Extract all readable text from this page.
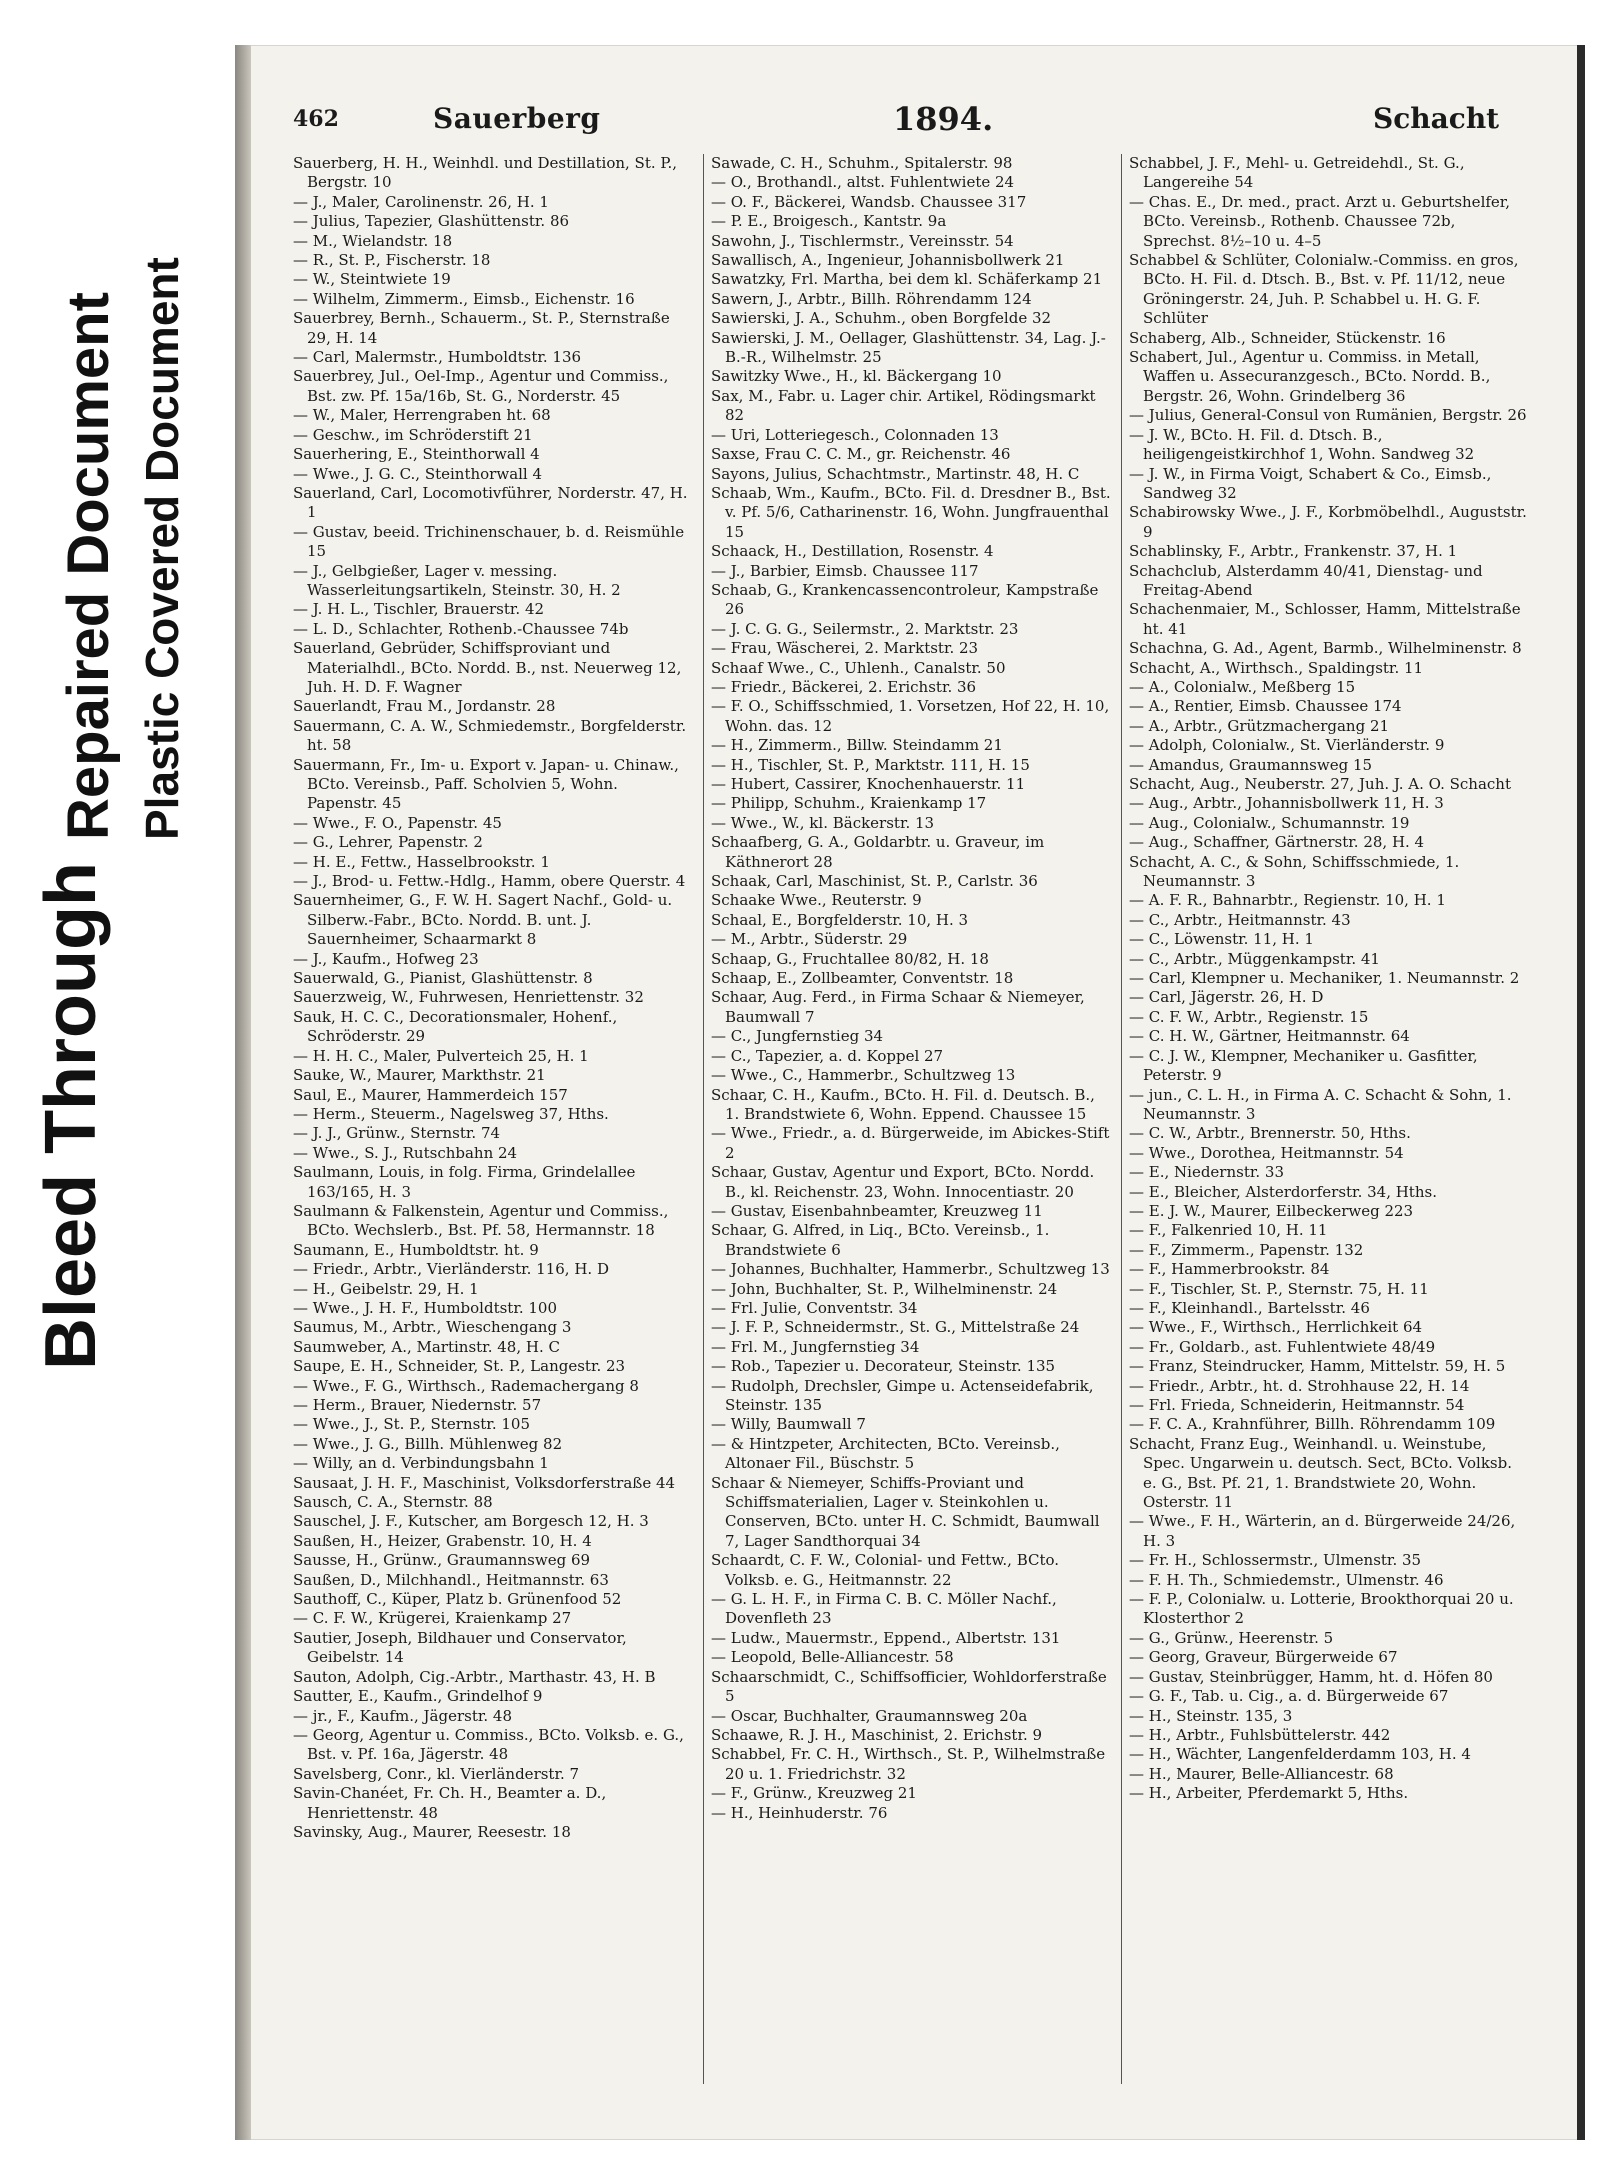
Repaired Document Plastic Covered Document
Bleed Through
462	Sauerberg	1894.	Schacht

Sauerberg, H. H., Weinhdl. und Destillation, St. P., Bergstr. 10

— J., Maler, Carolinenstr. 26, H. 1

— Julius, Tapezier, Glashüttenstr. 86

— M., Wielandstr. 18

— R., St. P., Fischerstr. 18

— W., Steintwiete 19

— Wilhelm, Zimmerm., Eimsb., Eichenstr. 16

Sauerbrey, Bernh., Schauerm., St. P., Sternstraße 29, H. 14

— Carl, Malermstr., Humboldtstr. 136

Sauerbrey, Jul., Oel-Imp., Agentur und Commiss., Bst. zw. Pf. 15a/16b, St. G., Norderstr. 45

— W., Maler, Herrengraben ht. 68

— Geschw., im Schröderstift 21

Sauerhering, E., Steinthorwall 4

— Wwe., J. G. C., Steinthorwall 4

Sauerland, Carl, Locomotivführer, Norderstr. 47, H. 1

— Gustav, beeid. Trichinenschauer, b. d. Reismühle 15

— J., Gelbgießer, Lager v. messing. Wasserleitungsartikeln, Steinstr. 30, H. 2

— J. H. L., Tischler, Brauerstr. 42

— L. D., Schlachter, Rothenb.-Chaussee 74b

Sauerland, Gebrüder, Schiffsproviant und Materialhdl., BCto. Nordd. B., nst. Neuerweg 12, Juh. H. D. F. Wagner

Sauerlandt, Frau M., Jordanstr. 28

Sauermann, C. A. W., Schmiedemstr., Borgfelderstr. ht. 58

Sauermann, Fr., Im- u. Export v. Japan- u. Chinaw., BCto. Vereinsb., Paff. Scholvien 5, Wohn. Papenstr. 45

— Wwe., F. O., Papenstr. 45

— G., Lehrer, Papenstr. 2

— H. E., Fettw., Hasselbrookstr. 1

— J., Brod- u. Fettw.-Hdlg., Hamm, obere Querstr. 4

Sauernheimer, G., F. W. H. Sagert Nachf., Gold- u. Silberw.-Fabr., BCto. Nordd. B. unt. J. Sauernheimer, Schaarmarkt 8

— J., Kaufm., Hofweg 23

Sauerwald, G., Pianist, Glashüttenstr. 8

Sauerzweig, W., Fuhrwesen, Henriettenstr. 32

Sauk, H. C. C., Decorationsmaler, Hohenf., Schröderstr. 29

— H. H. C., Maler, Pulverteich 25, H. 1

Sauke, W., Maurer, Markthstr. 21

Saul, E., Maurer, Hammerdeich 157

— Herm., Steuerm., Nagelsweg 37, Hths.

— J. J., Grünw., Sternstr. 74

— Wwe., S. J., Rutschbahn 24

Saulmann, Louis, in folg. Firma, Grindelallee 163/165, H. 3

Saulmann & Falkenstein, Agentur und Commiss., BCto. Wechslerb., Bst. Pf. 58, Hermannstr. 18

Saumann, E., Humboldtstr. ht. 9

— Friedr., Arbtr., Vierländerstr. 116, H. D

— H., Geibelstr. 29, H. 1

— Wwe., J. H. F., Humboldtstr. 100

Saumus, M., Arbtr., Wieschengang 3

Saumweber, A., Martinstr. 48, H. C

Saupe, E. H., Schneider, St. P., Langestr. 23

— Wwe., F. G., Wirthsch., Rademachergang 8

— Herm., Brauer, Niedernstr. 57

— Wwe., J., St. P., Sternstr. 105

— Wwe., J. G., Billh. Mühlenweg 82

— Willy, an d. Verbindungsbahn 1

Sausaat, J. H. F., Maschinist, Volksdorferstraße 44

Sausch, C. A., Sternstr. 88

Sauschel, J. F., Kutscher, am Borgesch 12, H. 3

Saußen, H., Heizer, Grabenstr. 10, H. 4

Sausse, H., Grünw., Graumannsweg 69

Saußen, D., Milchhandl., Heitmannstr. 63

Sauthoff, C., Küper, Platz b. Grünenfood 52

— C. F. W., Krügerei, Kraienkamp 27

Sautier, Joseph, Bildhauer und Conservator, Geibelstr. 14

Sauton, Adolph, Cig.-Arbtr., Marthastr. 43, H. B

Sautter, E., Kaufm., Grindelhof 9

— jr., F., Kaufm., Jägerstr. 48

— Georg, Agentur u. Commiss., BCto. Volksb. e. G., Bst. v. Pf. 16a, Jägerstr. 48

Savelsberg, Conr., kl. Vierländerstr. 7

Savin-Chanéet, Fr. Ch. H., Beamter a. D., Henriettenstr. 48

Savinsky, Aug., Maurer, Reesestr. 18

Sawade, C. H., Schuhm., Spitalerstr. 98

— O., Brothandl., altst. Fuhlentwiete 24

— O. F., Bäckerei, Wandsb. Chaussee 317

— P. E., Broigesch., Kantstr. 9a

Sawohn, J., Tischlermstr., Vereinsstr. 54

Sawallisch, A., Ingenieur, Johannisbollwerk 21

Sawatzky, Frl. Martha, bei dem kl. Schäferkamp 21

Sawern, J., Arbtr., Billh. Röhrendamm 124

Sawierski, J. A., Schuhm., oben Borgfelde 32

Sawierski, J. M., Oellager, Glashüttenstr. 34, Lag. J.-B.-R., Wilhelmstr. 25

Sawitzky Wwe., H., kl. Bäckergang 10

Sax, M., Fabr. u. Lager chir. Artikel, Rödingsmarkt 82

— Uri, Lotteriegesch., Colonnaden 13

Saxse, Frau C. C. M., gr. Reichenstr. 46

Sayons, Julius, Schachtmstr., Martinstr. 48, H. C

Schaab, Wm., Kaufm., BCto. Fil. d. Dresdner B., Bst. v. Pf. 5/6, Catharinenstr. 16, Wohn. Jungfrauenthal 15

Schaack, H., Destillation, Rosenstr. 4

— J., Barbier, Eimsb. Chaussee 117

Schaab, G., Krankencassencontroleur, Kampstraße 26

— J. C. G. G., Seilermstr., 2. Marktstr. 23

— Frau, Wäscherei, 2. Marktstr. 23

Schaaf Wwe., C., Uhlenh., Canalstr. 50

— Friedr., Bäckerei, 2. Erichstr. 36

— F. O., Schiffsschmied, 1. Vorsetzen, Hof 22, H. 10, Wohn. das. 12

— H., Zimmerm., Billw. Steindamm 21

— H., Tischler, St. P., Marktstr. 111, H. 15

— Hubert, Cassirer, Knochenhauerstr. 11

— Philipp, Schuhm., Kraienkamp 17

— Wwe., W., kl. Bäckerstr. 13

Schaafberg, G. A., Goldarbtr. u. Graveur, im Käthnerort 28

Schaak, Carl, Maschinist, St. P., Carlstr. 36

Schaake Wwe., Reuterstr. 9

Schaal, E., Borgfelderstr. 10, H. 3

— M., Arbtr., Süderstr. 29

Schaap, G., Fruchtallee 80/82, H. 18

Schaap, E., Zollbeamter, Conventstr. 18

Schaar, Aug. Ferd., in Firma Schaar & Niemeyer, Baumwall 7

— C., Jungfernstieg 34

— C., Tapezier, a. d. Koppel 27

— Wwe., C., Hammerbr., Schultzweg 13

Schaar, C. H., Kaufm., BCto. H. Fil. d. Deutsch. B., 1. Brandstwiete 6, Wohn. Eppend. Chaussee 15

— Wwe., Friedr., a. d. Bürgerweide, im Abickes-Stift 2

Schaar, Gustav, Agentur und Export, BCto. Nordd. B., kl. Reichenstr. 23, Wohn. Innocentiastr. 20

— Gustav, Eisenbahnbeamter, Kreuzweg 11

Schaar, G. Alfred, in Liq., BCto. Vereinsb., 1. Brandstwiete 6

— Johannes, Buchhalter, Hammerbr., Schultzweg 13

— John, Buchhalter, St. P., Wilhelminenstr. 24

— Frl. Julie, Conventstr. 34

— J. F. P., Schneidermstr., St. G., Mittelstraße 24

— Frl. M., Jungfernstieg 34

— Rob., Tapezier u. Decorateur, Steinstr. 135

— Rudolph, Drechsler, Gimpe u. Actenseidefabrik, Steinstr. 135

— Willy, Baumwall 7

— & Hintzpeter, Architecten, BCto. Vereinsb., Altonaer Fil., Büschstr. 5

Schaar & Niemeyer, Schiffs-Proviant und Schiffsmaterialien, Lager v. Steinkohlen u. Conserven, BCto. unter H. C. Schmidt, Baumwall 7, Lager Sandthorquai 34

Schaardt, C. F. W., Colonial- und Fettw., BCto. Volksb. e. G., Heitmannstr. 22

— G. L. H. F., in Firma C. B. C. Möller Nachf., Dovenfleth 23

— Ludw., Mauermstr., Eppend., Albertstr. 131

— Leopold, Belle-Alliancestr. 58

Schaarschmidt, C., Schiffsofficier, Wohldorferstraße 5

— Oscar, Buchhalter, Graumannsweg 20a

Schaawe, R. J. H., Maschinist, 2. Erichstr. 9

Schabbel, Fr. C. H., Wirthsch., St. P., Wilhelmstraße 20 u. 1. Friedrichstr. 32

— F., Grünw., Kreuzweg 21

— H., Heinhuderstr. 76

Schabbel, J. F., Mehl- u. Getreidehdl., St. G., Langereihe 54

— Chas. E., Dr. med., pract. Arzt u. Geburtshelfer, BCto. Vereinsb., Rothenb. Chaussee 72b, Sprechst. 8½–10 u. 4–5

Schabbel & Schlüter, Colonialw.-Commiss. en gros, BCto. H. Fil. d. Dtsch. B., Bst. v. Pf. 11/12, neue Gröningerstr. 24, Juh. P. Schabbel u. H. G. F. Schlüter

Schaberg, Alb., Schneider, Stückenstr. 16

Schabert, Jul., Agentur u. Commiss. in Metall, Waffen u. Assecuranzgesch., BCto. Nordd. B., Bergstr. 26, Wohn. Grindelberg 36

— Julius, General-Consul von Rumänien, Bergstr. 26

— J. W., BCto. H. Fil. d. Dtsch. B., heiligengeistkirchhof 1, Wohn. Sandweg 32

— J. W., in Firma Voigt, Schabert & Co., Eimsb., Sandweg 32

Schabirowsky Wwe., J. F., Korbmöbelhdl., Auguststr. 9

Schablinsky, F., Arbtr., Frankenstr. 37, H. 1

Schachclub, Alsterdamm 40/41, Dienstag- und Freitag-Abend

Schachenmaier, M., Schlosser, Hamm, Mittelstraße ht. 41

Schachna, G. Ad., Agent, Barmb., Wilhelminenstr. 8

Schacht, A., Wirthsch., Spaldingstr. 11

— A., Colonialw., Meßberg 15

— A., Rentier, Eimsb. Chaussee 174

— A., Arbtr., Grützmachergang 21

— Adolph, Colonialw., St. Vierländerstr. 9

— Amandus, Graumannsweg 15

Schacht, Aug., Neuberstr. 27, Juh. J. A. O. Schacht

— Aug., Arbtr., Johannisbollwerk 11, H. 3

— Aug., Colonialw., Schumannstr. 19

— Aug., Schaffner, Gärtnerstr. 28, H. 4

Schacht, A. C., & Sohn, Schiffsschmiede, 1. Neumannstr. 3

— A. F. R., Bahnarbtr., Regienstr. 10, H. 1

— C., Arbtr., Heitmannstr. 43

— C., Löwenstr. 11, H. 1

— C., Arbtr., Müggenkampstr. 41

— Carl, Klempner u. Mechaniker, 1. Neumannstr. 2

— Carl, Jägerstr. 26, H. D

— C. F. W., Arbtr., Regienstr. 15

— C. H. W., Gärtner, Heitmannstr. 64

— C. J. W., Klempner, Mechaniker u. Gasfitter, Peterstr. 9

— jun., C. L. H., in Firma A. C. Schacht & Sohn, 1. Neumannstr. 3

— C. W., Arbtr., Brennerstr. 50, Hths.

— Wwe., Dorothea, Heitmannstr. 54

— E., Niedernstr. 33

— E., Bleicher, Alsterdorferstr. 34, Hths.

— E. J. W., Maurer, Eilbeckerweg 223

— F., Falkenried 10, H. 11

— F., Zimmerm., Papenstr. 132

— F., Hammerbrookstr. 84

— F., Tischler, St. P., Sternstr. 75, H. 11

— F., Kleinhandl., Bartelsstr. 46

— Wwe., F., Wirthsch., Herrlichkeit 64

— Fr., Goldarb., ast. Fuhlentwiete 48/49

— Franz, Steindrucker, Hamm, Mittelstr. 59, H. 5

— Friedr., Arbtr., ht. d. Strohhause 22, H. 14

— Frl. Frieda, Schneiderin, Heitmannstr. 54

— F. C. A., Krahnführer, Billh. Röhrendamm 109

Schacht, Franz Eug., Weinhandl. u. Weinstube, Spec. Ungarwein u. deutsch. Sect, BCto. Volksb. e. G., Bst. Pf. 21, 1. Brandstwiete 20, Wohn. Osterstr. 11

— Wwe., F. H., Wärterin, an d. Bürgerweide 24/26, H. 3

— Fr. H., Schlossermstr., Ulmenstr. 35

— F. H. Th., Schmiedemstr., Ulmenstr. 46

— F. P., Colonialw. u. Lotterie, Brookthorquai 20 u. Klosterthor 2

— G., Grünw., Heerenstr. 5

— Georg, Graveur, Bürgerweide 67

— Gustav, Steinbrügger, Hamm, ht. d. Höfen 80

— G. F., Tab. u. Cig., a. d. Bürgerweide 67

— H., Steinstr. 135, 3

— H., Arbtr., Fuhlsbüttelerstr. 442

— H., Wächter, Langenfelderdamm 103, H. 4

— H., Maurer, Belle-Alliancestr. 68

— H., Arbeiter, Pferdemarkt 5, Hths.
